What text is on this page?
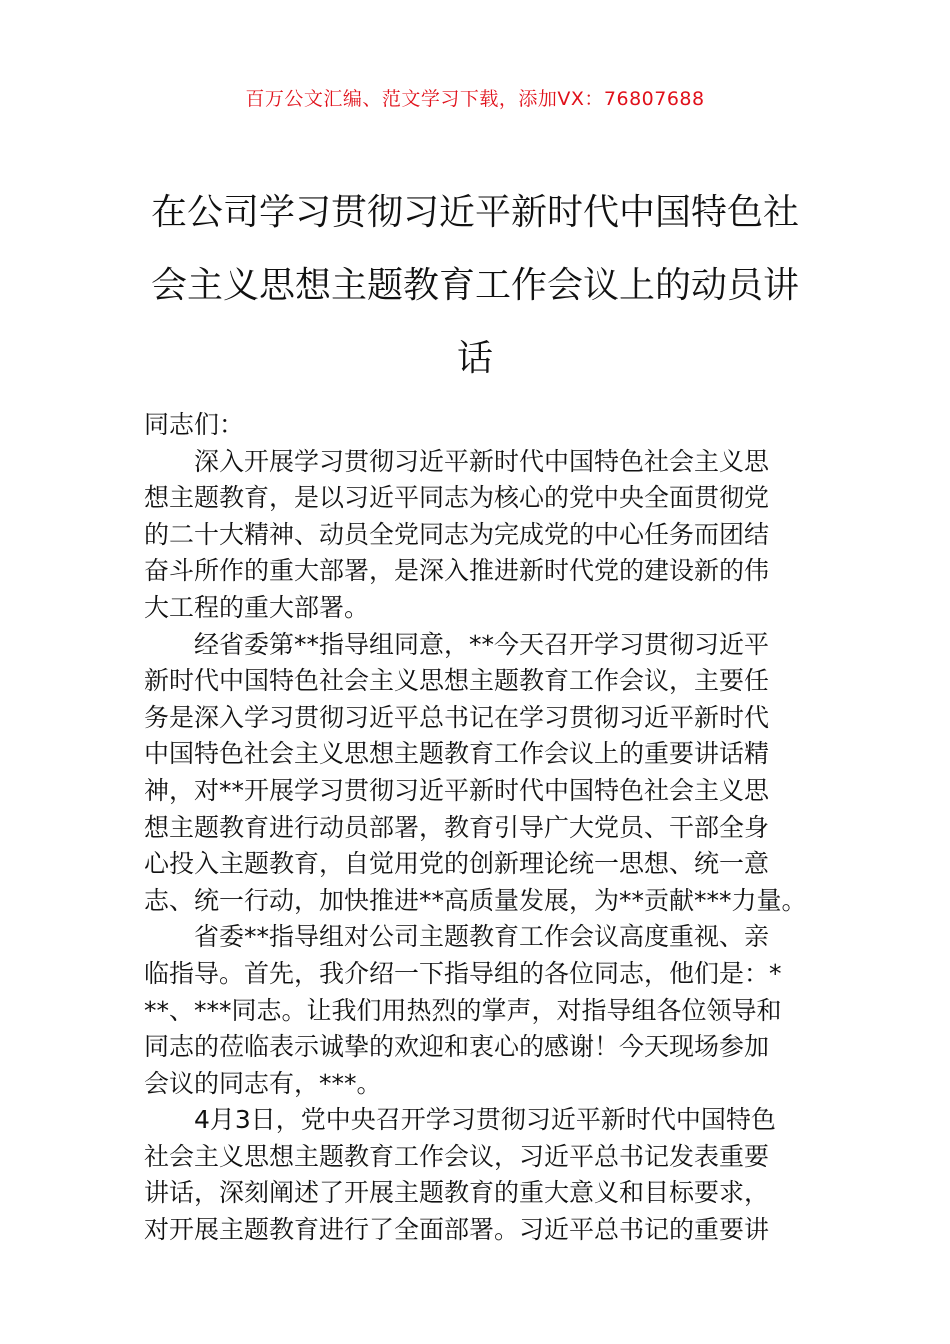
百万公文汇编、范文学习下载，添加VX：76807688
在公司学习贯彻习近平新时代中国特色社
会主义思想主题教育工作会议上的动员讲
话
同志们：
深入开展学习贯彻习近平新时代中国特色社会主义思
想主题教育，是以习近平同志为核心的党中央全面贯彻党
的二十大精神、动员全党同志为完成党的中心任务而团结
奋斗所作的重大部署，是深入推进新时代党的建设新的伟
大工程的重大部署。
经省委第**指导组同意，**今天召开学习贯彻习近平
新时代中国特色社会主义思想主题教育工作会议，主要任
务是深入学习贯彻习近平总书记在学习贯彻习近平新时代
中国特色社会主义思想主题教育工作会议上的重要讲话精
神，对**开展学习贯彻习近平新时代中国特色社会主义思
想主题教育进行动员部署，教育引导广大党员、干部全身
心投入主题教育，自觉用党的创新理论统一思想、统一意
志、统一行动，加快推进**高质量发展，为**贡献***力量。
省委**指导组对公司主题教育工作会议高度重视、亲
临指导。首先，我介绍一下指导组的各位同志，他们是：*
**、***同志。让我们用热烈的掌声，对指导组各位领导和
同志的莅临表示诚挚的欢迎和衷心的感谢！今天现场参加
会议的同志有，***。
4月3日，党中央召开学习贯彻习近平新时代中国特色
社会主义思想主题教育工作会议，习近平总书记发表重要
讲话，深刻阐述了开展主题教育的重大意义和目标要求，
对开展主题教育进行了全面部署。习近平总书记的重要讲
